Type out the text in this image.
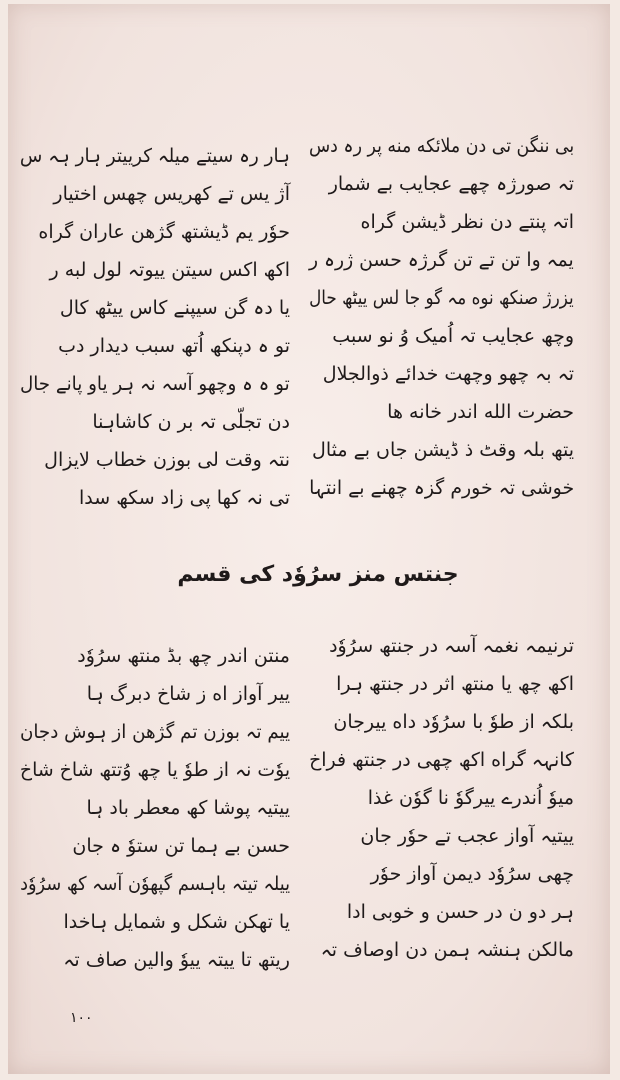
بی ننگن تی دن ملائکه منه پر رہ دس
تہ صورژہ چھے عجایب بے شمار
اتہ پنتے دن نظر ڈیشن گراه
یمہ وا تن تے تن گرژہ حسن ژرہ ر
یزرژ صنکھ نوه مہ گو جا لس ییٹھ حال
وچھ عجایب تہ اُمیک وُ نو سبب
تہ بہ چھو وچھت خدائے ذوالجلال
حضرت الله اندر خانه ها
یتھ بلہ وقٹ ذ ڈیشن جاں بے مثال
خوشی تہ خورم گزہ چھنے بے انتہا
ہار رہ سیتے میلہ کرییتر ہار ہہ س
آژ یس تے کھریس چھس اختیار
حوٗر یم ڈیشتھ گژھن عاران گراه
اکھ اکس سیتن ییوتہ لول لبه ر
یا دہ گن سیپنے کاس ییٹھ کال
تو ہ دپنکھ اُتھ سبب دیدار دب
تو ہ ہ وچھو آسہ نہ ہر یاو پانے جال
دن تجلّی تہ بر ن کاشاہنا
نتہ وقت لی بوزن خطاب لایزال
تی نہ کھا پی زاد سکھ سدا
جنتس منز سرُوٗد کی قسم
ترنیمہ نغمہ آسہ در جنتھ سرُوٗد
اکھ چھ یا منتھ اثر در جنتھ ہرا
بلکہ از طوٗ با سرُوٗد داه ییرجان
کانہہ گراه اکھ چھی در جنتھ فراخ
میوٗ اُندرے ییرگوٗ نا گوٗن غذا
ییتیہ آواز عجب تے حوٗر جان
چھی سرُوٗد دیمن آواز حوٗر
ہر دو ن در حسن و خوبی ادا
مالکن ہنشہ ہمن دن اوصاف تہ
منتن اندر چھ بڈ منتھ سرُوٗد
ییر آواز اه ز شاخ دبرگ ہا
ییم تہ بوزن تم گژھن از ہوش دجان
یوٗت نہ از طوٗ یا چھ وُتتھ شاخ شاخ
ییتیہ پوشا کھ معطر باد ہا
حسن بے ہما تن ستوٗ ہ جان
ییلہ تیتہ باہسم گپھوٗن آسہ کھ سرُوٗد
یا تھکن شکل و شمایل ہاخدا
ریتھ تا ییتہ ییوٗ والین صاف تہ
۱۰۰
